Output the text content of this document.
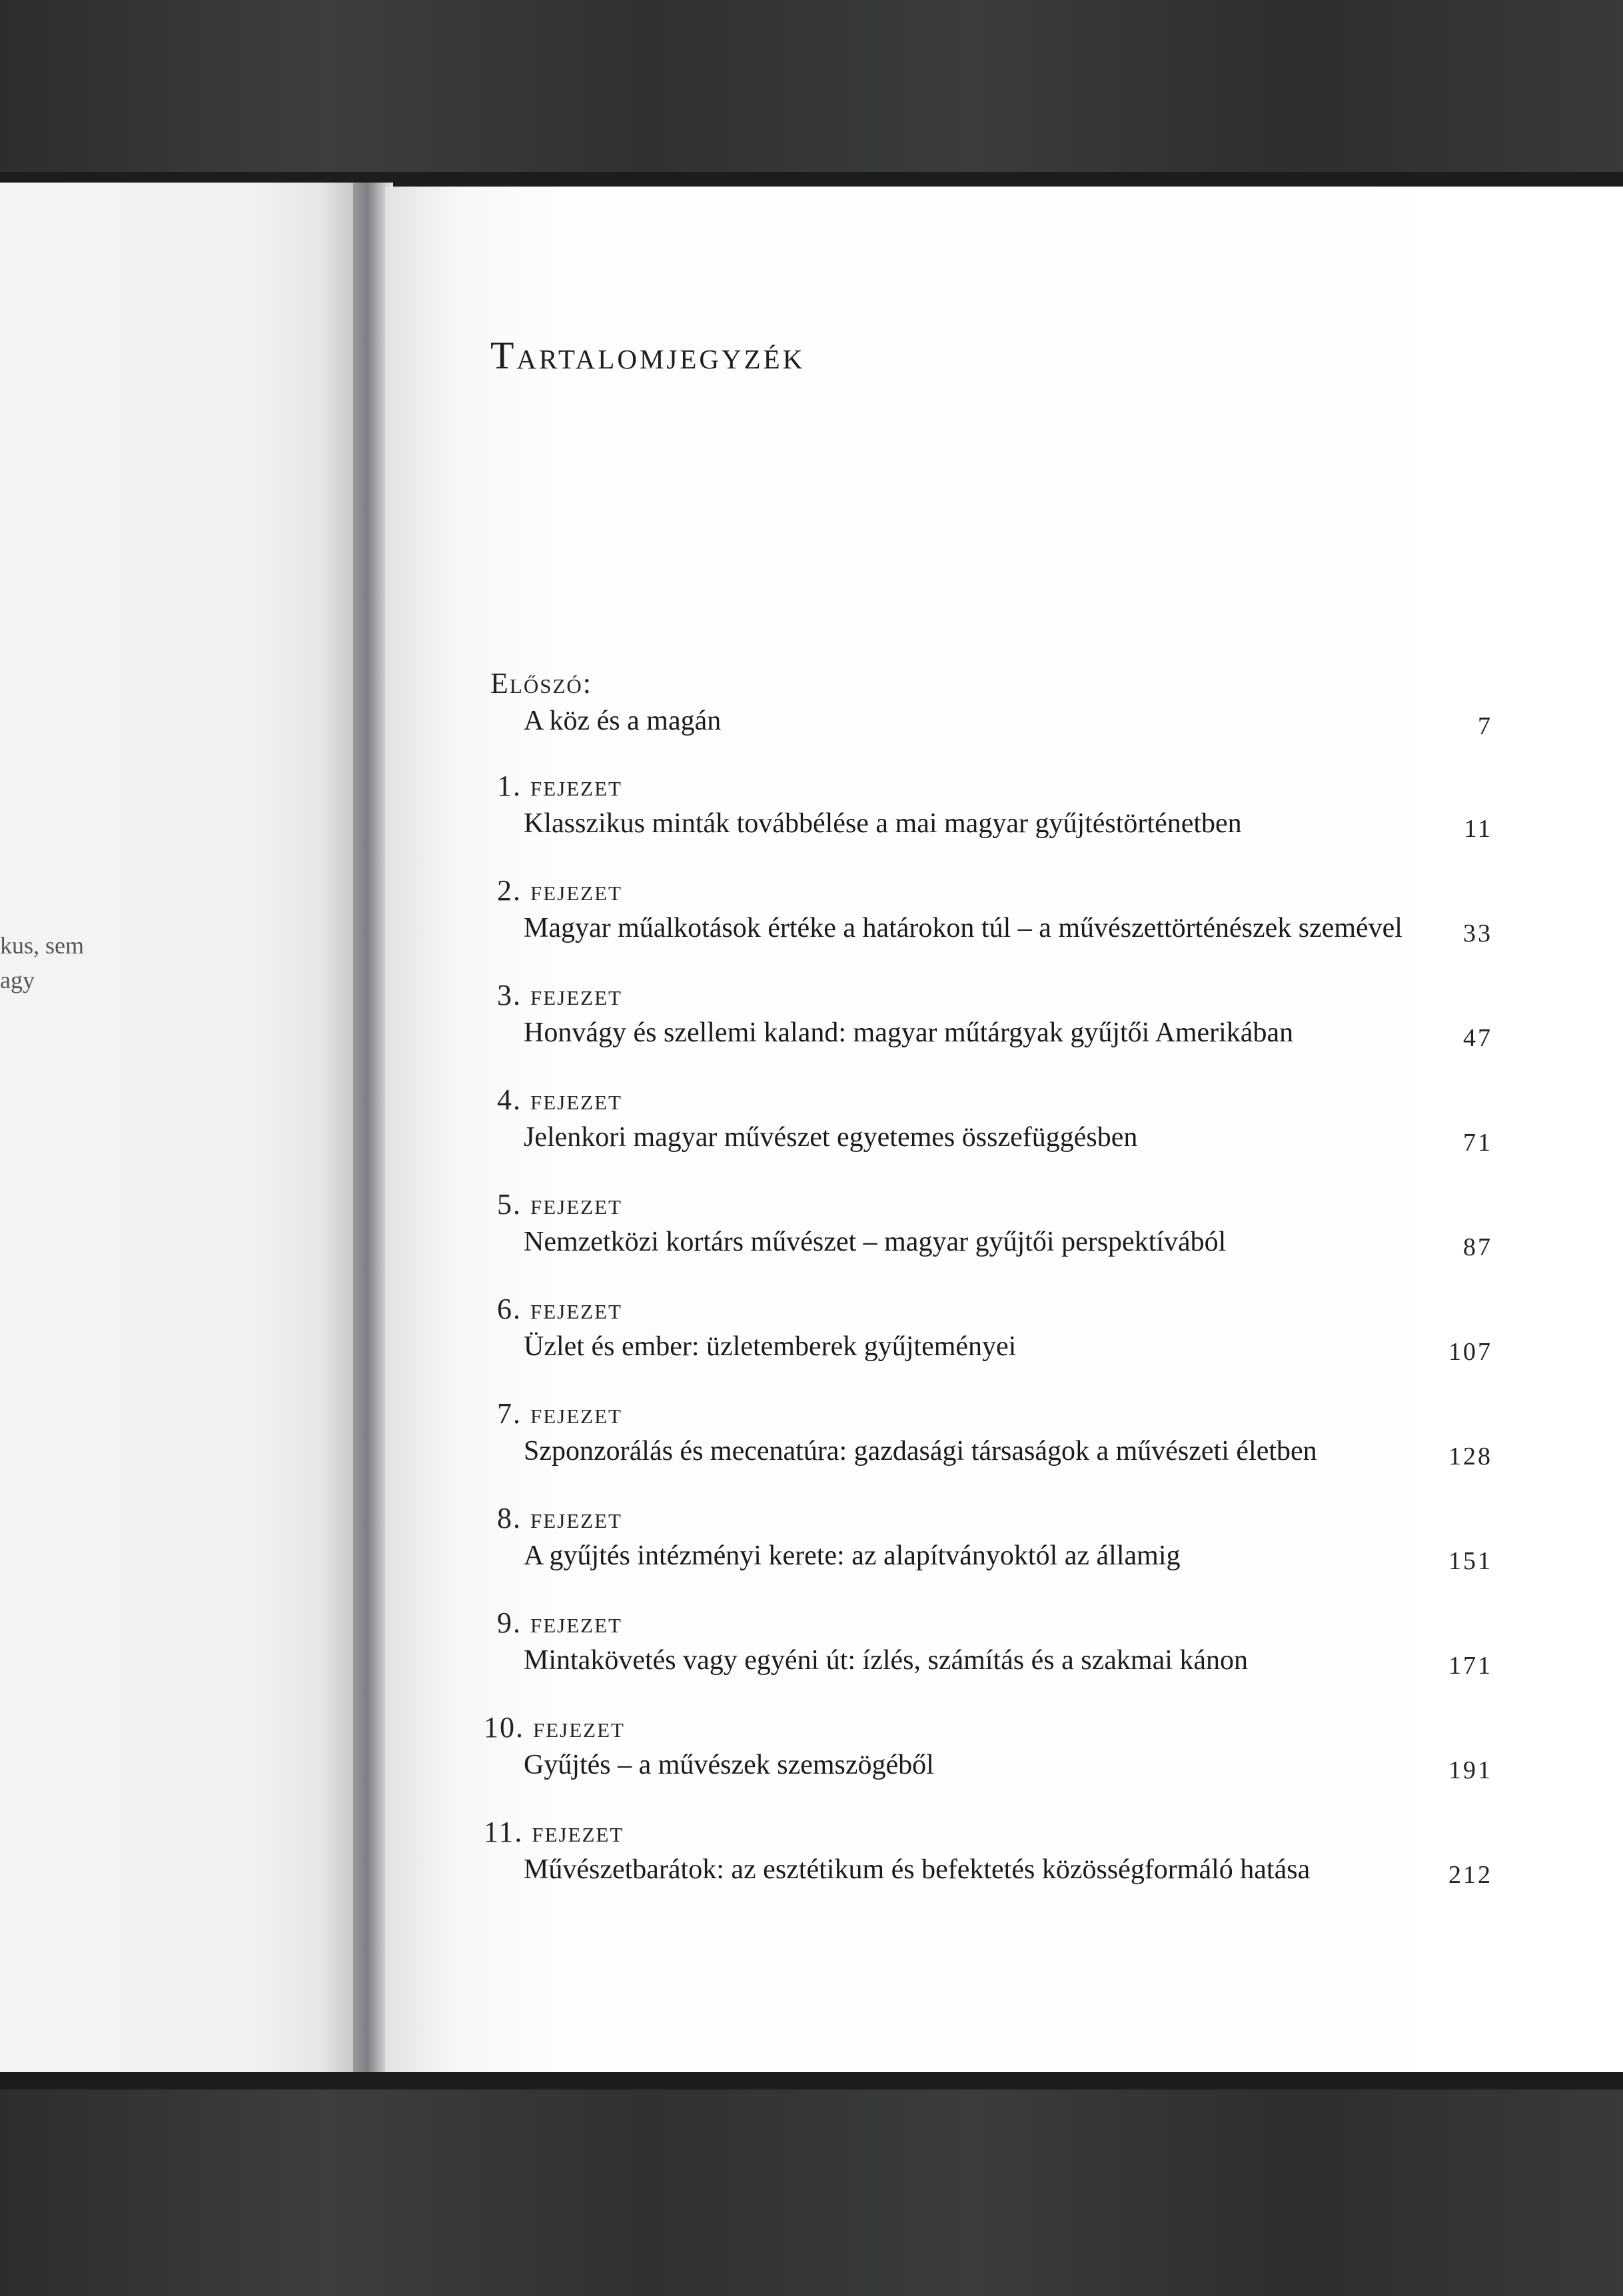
kus, sem
agy
Tartalomjegyzék
Előszó:
A köz és a magán	7
1. fejezet
Klasszikus minták továbbélése a mai magyar gyűjtéstörténetben	11
2. fejezet
Magyar műalkotások értéke a határokon túl – a művészettörténészek szemével 33
3. fejezet
Honvágy és szellemi kaland: magyar műtárgyak gyűjtői Amerikában	47
4. fejezet
Jelenkori magyar művészet egyetemes összefüggésben	71
5. fejezet
Nemzetközi kortárs művészet – magyar gyűjtői perspektívából	87
6. fejezet
Üzlet és ember: üzletemberek gyűjteményei	107
7. fejezet
Szponzorálás és mecenatúra: gazdasági társaságok a művészeti életben	128
8. fejezet
A gyűjtés intézményi kerete: az alapítványoktól az államig	151
9. fejezet
Mintakövetés vagy egyéni út: ízlés, számítás és a szakmai kánon	171
10. fejezet
Gyűjtés – a művészek szemszögéből	191
11. fejezet
Művészetbarátok: az esztétikum és befektetés közösségformáló hatása	212
